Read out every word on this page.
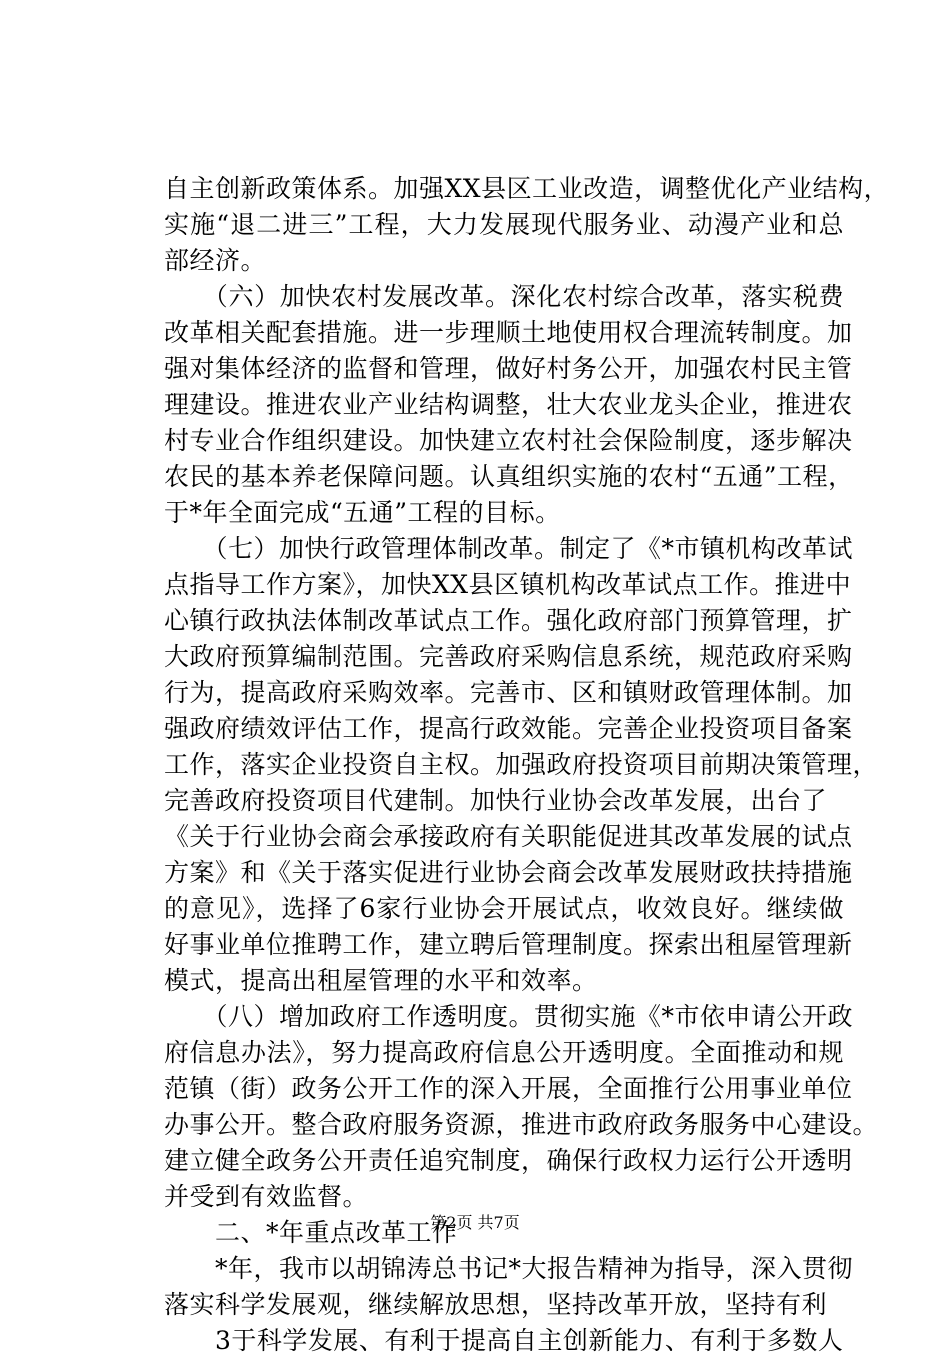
自主创新政策体系。加强XX县区工业改造，调整优化产业结构，
实施“退二进三”工程，大力发展现代服务业、动漫产业和总
部经济。
　　（六）加快农村发展改革。深化农村综合改革，落实税费
改革相关配套措施。进一步理顺土地使用权合理流转制度。加
强对集体经济的监督和管理，做好村务公开，加强农村民主管
理建设。推进农业产业结构调整，壮大农业龙头企业，推进农
村专业合作组织建设。加快建立农村社会保险制度，逐步解决
农民的基本养老保障问题。认真组织实施的农村“五通”工程，
于*年全面完成“五通”工程的目标。
　　（七）加快行政管理体制改革。制定了《*市镇机构改革试
点指导工作方案》，加快XX县区镇机构改革试点工作。推进中
心镇行政执法体制改革试点工作。强化政府部门预算管理，扩
大政府预算编制范围。完善政府采购信息系统，规范政府采购
行为，提高政府采购效率。完善市、区和镇财政管理体制。加
强政府绩效评估工作，提高行政效能。完善企业投资项目备案
工作，落实企业投资自主权。加强政府投资项目前期决策管理，
完善政府投资项目代建制。加快行业协会改革发展，出台了
《关于行业协会商会承接政府有关职能促进其改革发展的试点
方案》和《关于落实促进行业协会商会改革发展财政扶持措施
的意见》，选择了6家行业协会开展试点，收效良好。继续做
好事业单位推聘工作，建立聘后管理制度。探索出租屋管理新
模式，提高出租屋管理的水平和效率。
　　（八）增加政府工作透明度。贯彻实施《*市依申请公开政
府信息办法》，努力提高政府信息公开透明度。全面推动和规
范镇（街）政务公开工作的深入开展，全面推行公用事业单位
办事公开。整合政府服务资源，推进市政府政务服务中心建设。
建立健全政务公开责任追究制度，确保行政权力运行公开透明
并受到有效监督。
　　二、*年重点改革工作
　　*年，我市以胡锦涛总书记*大报告精神为指导，深入贯彻
落实科学发展观，继续解放思想，坚持改革开放，坚持有利
　　3于科学发展、有利于提高自主创新能力、有利于多数人
第2页 共7页
